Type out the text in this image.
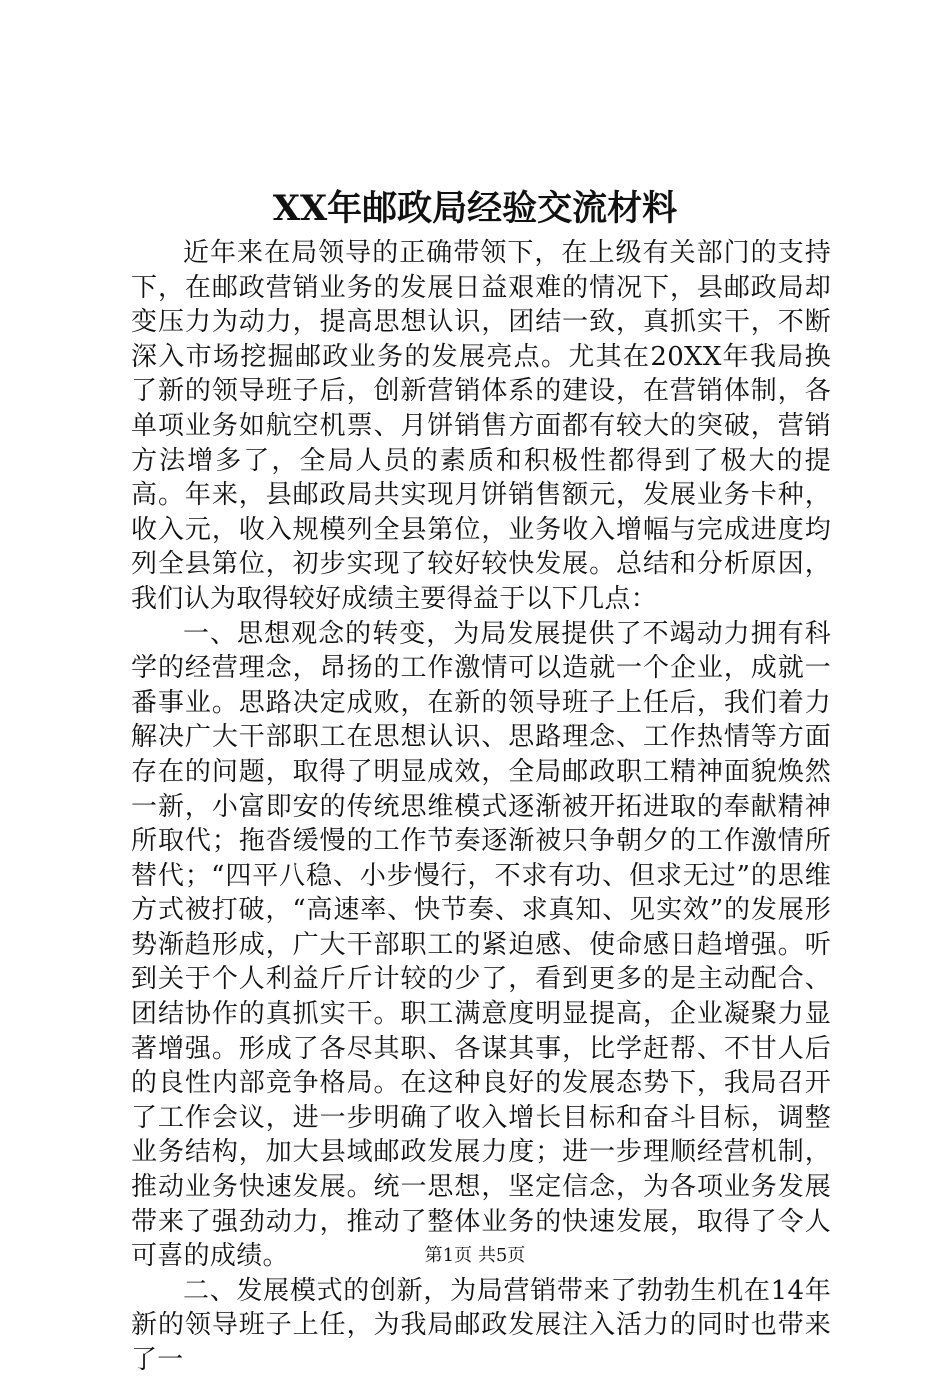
XX年邮政局经验交流材料

近年来在局领导的正确带领下，在上级有关部门的支持下，在邮政营销业务的发展日益艰难的情况下，县邮政局却变压力为动力，提高思想认识，团结一致，真抓实干，不断深入市场挖掘邮政业务的发展亮点。尤其在20XX年我局换了新的领导班子后，创新营销体系的建设，在营销体制，各单项业务如航空机票、月饼销售方面都有较大的突破，营销方法增多了，全局人员的素质和积极性都得到了极大的提高。年来，县邮政局共实现月饼销售额元，发展业务卡种，收入元，收入规模列全县第位，业务收入增幅与完成进度均列全县第位，初步实现了较好较快发展。总结和分析原因，我们认为取得较好成绩主要得益于以下几点：

一、思想观念的转变，为局发展提供了不竭动力拥有科学的经营理念，昂扬的工作激情可以造就一个企业，成就一番事业。思路决定成败，在新的领导班子上任后，我们着力解决广大干部职工在思想认识、思路理念、工作热情等方面存在的问题，取得了明显成效，全局邮政职工精神面貌焕然一新，小富即安的传统思维模式逐渐被开拓进取的奉献精神所取代；拖沓缓慢的工作节奏逐渐被只争朝夕的工作激情所替代；“四平八稳、小步慢行，不求有功、但求无过”的思维方式被打破，“高速率、快节奏、求真知、见实效”的发展形势渐趋形成，广大干部职工的紧迫感、使命感日趋增强。听到关于个人利益斤斤计较的少了，看到更多的是主动配合、团结协作的真抓实干。职工满意度明显提高，企业凝聚力显著增强。形成了各尽其职、各谋其事，比学赶帮、不甘人后的良性内部竞争格局。在这种良好的发展态势下，我局召开了工作会议，进一步明确了收入增长目标和奋斗目标，调整业务结构，加大县域邮政发展力度；进一步理顺经营机制，推动业务快速发展。统一思想，坚定信念，为各项业务发展带来了强劲动力，推动了整体业务的快速发展，取得了令人可喜的成绩。

二、发展模式的创新，为局营销带来了勃勃生机在14年新的领导班子上任，为我局邮政发展注入活力的同时也带来了一

第1页 共5页
